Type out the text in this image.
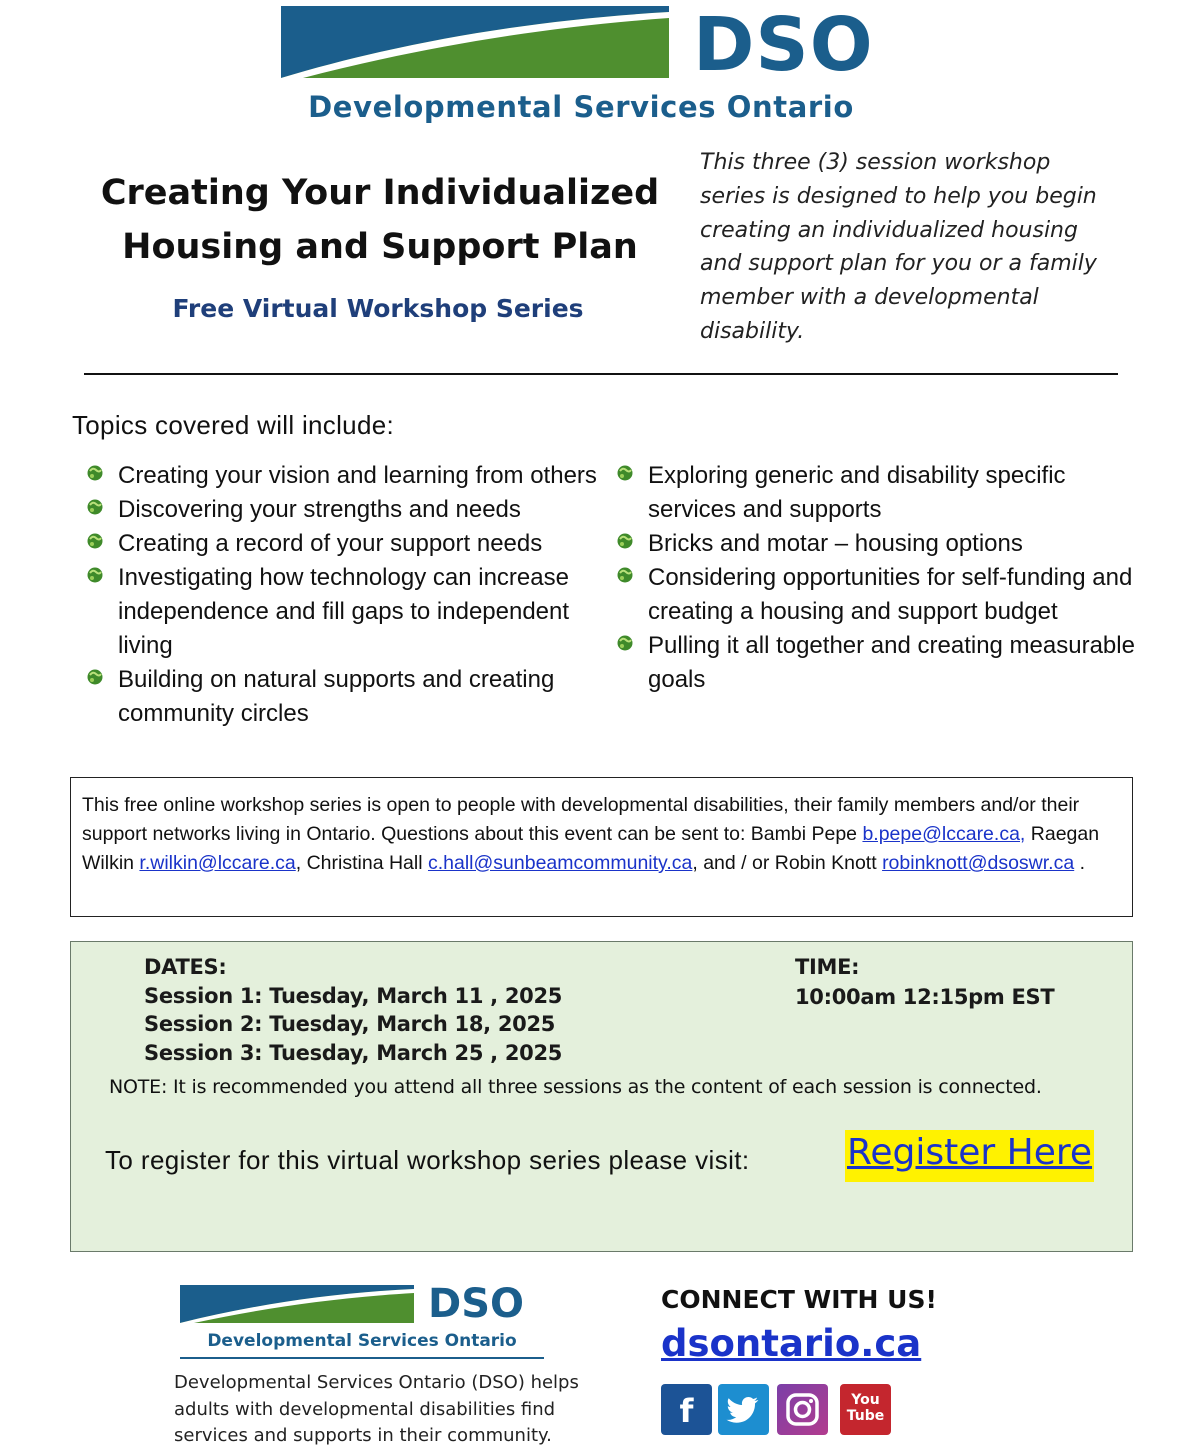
DSO
Developmental Services Ontario
Creating Your Individualized Housing and Support Plan
Free Virtual Workshop Series

This three (3) session workshop series is designed to help you begin creating an individualized housing and support plan for you or a family member with a developmental disability.

Topics covered will include:
Creating your vision and learning from others
Discovering your strengths and needs
Creating a record of your support needs
Investigating how technology can increase independence and fill gaps to independent living
Building on natural supports and creating community circles
Exploring generic and disability specific services and supports
Bricks and motar – housing options
Considering opportunities for self-funding and creating a housing and support budget
Pulling it all together and creating measurable goals
This free online workshop series is open to people with developmental disabilities, their family members and/or their support networks living in Ontario. Questions about this event can be sent to: Bambi Pepe b.pepe@lccare.ca, Raegan Wilkin r.wilkin@lccare.ca, Christina Hall c.hall@sunbeamcommunity.ca, and / or Robin Knott robinknott@dsoswr.ca .
DATES:
Session 1: Tuesday, March 11 , 2025
Session 2: Tuesday, March 18, 2025
Session 3: Tuesday, March 25 , 2025
TIME:
10:00am 12:15pm EST
NOTE: It is recommended you attend all three sessions as the content of each session is connected.
To register for this virtual workshop series please visit:	Register Here
DSO
Developmental Services Ontario

Developmental Services Ontario (DSO) helps adults with developmental disabilities find services and supports in their community.

CONNECT WITH US!
dsontario.ca
f	You
Tube
